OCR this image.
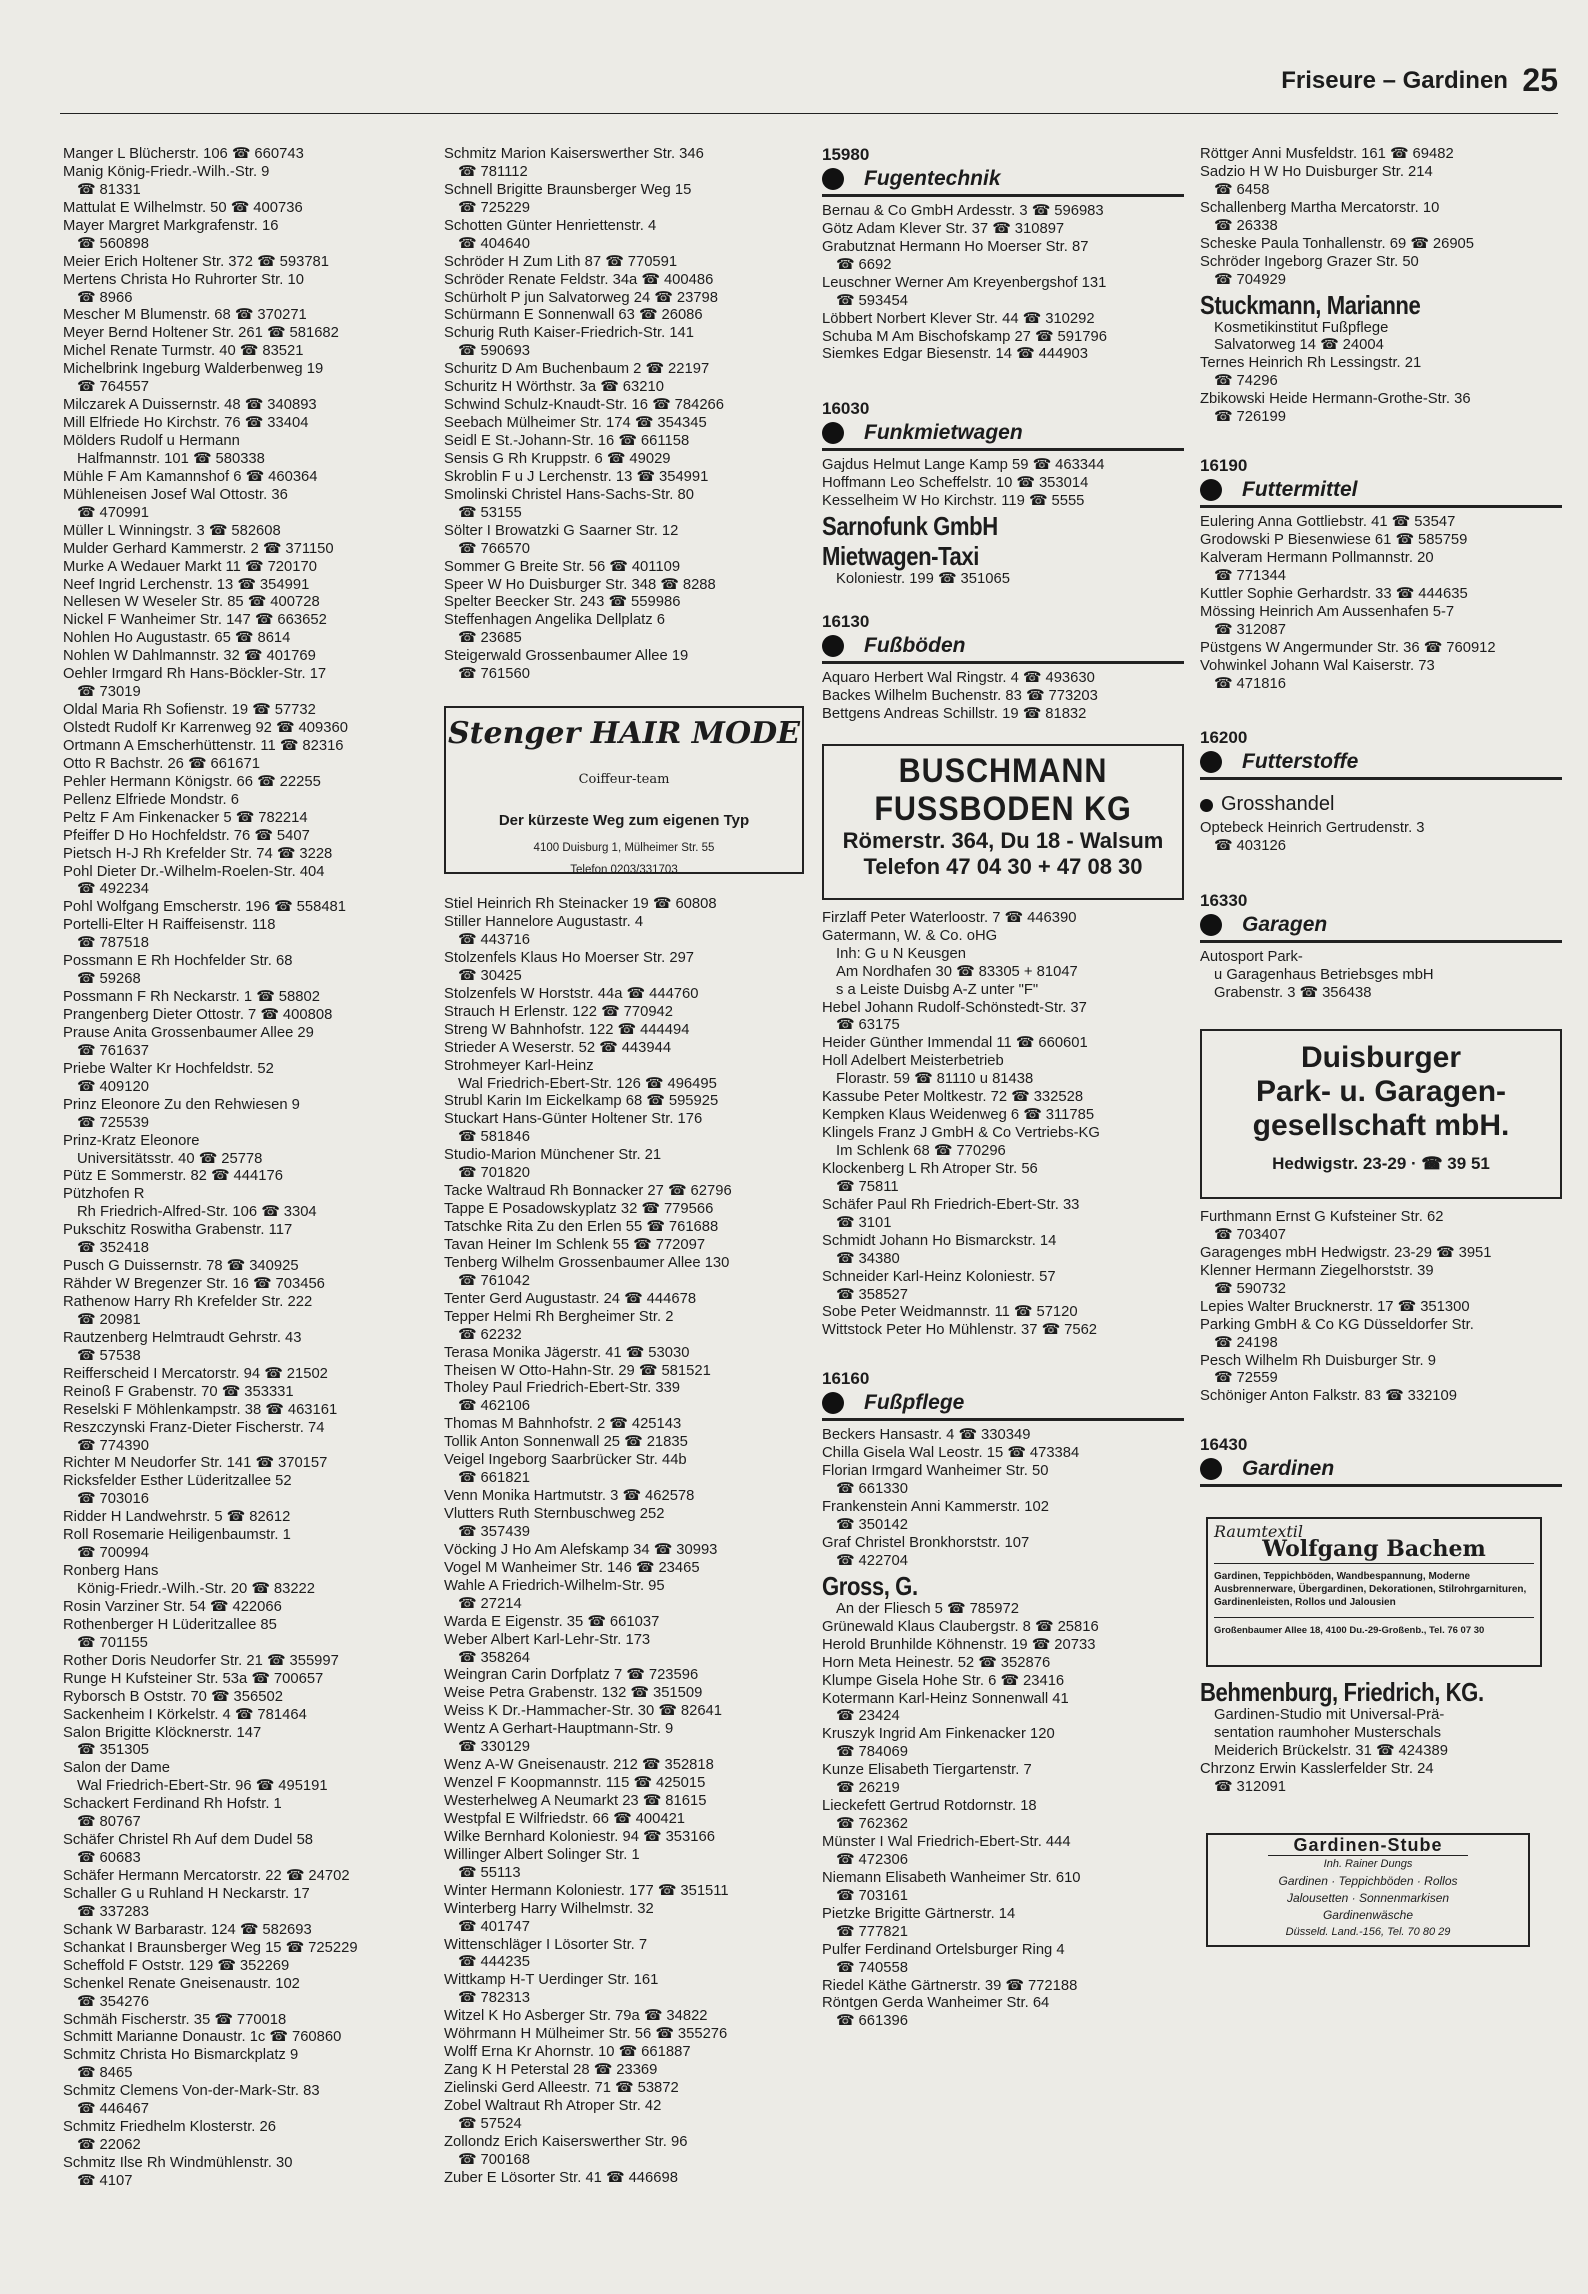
Friseure – Gardinen 25
Manger L Blücherstr. 106 ☎ 660743
Manig König-Friedr.-Wilh.-Str. 9
☎ 81331
Mattulat E Wilhelmstr. 50 ☎ 400736
Mayer Margret Markgrafenstr. 16
☎ 560898
Meier Erich Holtener Str. 372 ☎ 593781
Mertens Christa Ho Ruhrorter Str. 10
☎ 8966
Mescher M Blumenstr. 68 ☎ 370271
Meyer Bernd Holtener Str. 261 ☎ 581682
Michel Renate Turmstr. 40 ☎ 83521
Michelbrink Ingeburg Walderbenweg 19
☎ 764557
Milczarek A Duissernstr. 48 ☎ 340893
Mill Elfriede Ho Kirchstr. 76 ☎ 33404
Mölders Rudolf u Hermann
Halfmannstr. 101 ☎ 580338
Mühle F Am Kamannshof 6 ☎ 460364
Mühleneisen Josef Wal Ottostr. 36
☎ 470991
Müller L Winningstr. 3 ☎ 582608
Mulder Gerhard Kammerstr. 2 ☎ 371150
Murke A Wedauer Markt 11 ☎ 720170
Neef Ingrid Lerchenstr. 13 ☎ 354991
Nellesen W Weseler Str. 85 ☎ 400728
Nickel F Wanheimer Str. 147 ☎ 663652
Nohlen Ho Augustastr. 65 ☎ 8614
Nohlen W Dahlmannstr. 32 ☎ 401769
Oehler Irmgard Rh Hans-Böckler-Str. 17
☎ 73019
Oldal Maria Rh Sofienstr. 19 ☎ 57732
Olstedt Rudolf Kr Karrenweg 92 ☎ 409360
Ortmann A Emscherhüttenstr. 11 ☎ 82316
Otto R Bachstr. 26 ☎ 661671
Pehler Hermann Königstr. 66 ☎ 22255
Pellenz Elfriede Mondstr. 6
Peltz F Am Finkenacker 5 ☎ 782214
Pfeiffer D Ho Hochfeldstr. 76 ☎ 5407
Pietsch H-J Rh Krefelder Str. 74 ☎ 3228
Pohl Dieter Dr.-Wilhelm-Roelen-Str. 404
☎ 492234
Pohl Wolfgang Emscherstr. 196 ☎ 558481
Portelli-Elter H Raiffeisenstr. 118
☎ 787518
Possmann E Rh Hochfelder Str. 68
☎ 59268
Possmann F Rh Neckarstr. 1 ☎ 58802
Prangenberg Dieter Ottostr. 7 ☎ 400808
Prause Anita Grossenbaumer Allee 29
☎ 761637
Priebe Walter Kr Hochfeldstr. 52
☎ 409120
Prinz Eleonore Zu den Rehwiesen 9
☎ 725539
Prinz-Kratz Eleonore
Universitätsstr. 40 ☎ 25778
Pütz E Sommerstr. 82 ☎ 444176
Pützhofen R
Rh Friedrich-Alfred-Str. 106 ☎ 3304
Pukschitz Roswitha Grabenstr. 117
☎ 352418
Pusch G Duissernstr. 78 ☎ 340925
Rähder W Bregenzer Str. 16 ☎ 703456
Rathenow Harry Rh Krefelder Str. 222
☎ 20981
Rautzenberg Helmtraudt Gehrstr. 43
☎ 57538
Reifferscheid I Mercatorstr. 94 ☎ 21502
Reinoß F Grabenstr. 70 ☎ 353331
Reselski F Möhlenkampstr. 38 ☎ 463161
Reszczynski Franz-Dieter Fischerstr. 74
☎ 774390
Richter M Neudorfer Str. 141 ☎ 370157
Ricksfelder Esther Lüderitzallee 52
☎ 703016
Ridder H Landwehrstr. 5 ☎ 82612
Roll Rosemarie Heiligenbaumstr. 1
☎ 700994
Ronberg Hans
König-Friedr.-Wilh.-Str. 20 ☎ 83222
Rosin Varziner Str. 54 ☎ 422066
Rothenberger H Lüderitzallee 85
☎ 701155
Rother Doris Neudorfer Str. 21 ☎ 355997
Runge H Kufsteiner Str. 53a ☎ 700657
Ryborsch B Oststr. 70 ☎ 356502
Sackenheim I Körkelstr. 4 ☎ 781464
Salon Brigitte Klöcknerstr. 147
☎ 351305
Salon der Dame
Wal Friedrich-Ebert-Str. 96 ☎ 495191
Schackert Ferdinand Rh Hofstr. 1
☎ 80767
Schäfer Christel Rh Auf dem Dudel 58
☎ 60683
Schäfer Hermann Mercatorstr. 22 ☎ 24702
Schaller G u Ruhland H Neckarstr. 17
☎ 337283
Schank W Barbarastr. 124 ☎ 582693
Schankat I Braunsberger Weg 15 ☎ 725229
Scheffold F Oststr. 129 ☎ 352269
Schenkel Renate Gneisenaustr. 102
☎ 354276
Schmäh Fischerstr. 35 ☎ 770018
Schmitt Marianne Donaustr. 1c ☎ 760860
Schmitz Christa Ho Bismarckplatz 9
☎ 8465
Schmitz Clemens Von-der-Mark-Str. 83
☎ 446467
Schmitz Friedhelm Klosterstr. 26
☎ 22062
Schmitz Ilse Rh Windmühlenstr. 30
☎ 4107
Schmitz Marion Kaiserswerther Str. 346
☎ 781112
Schnell Brigitte Braunsberger Weg 15
☎ 725229
Schotten Günter Henriettenstr. 4
☎ 404640
Schröder H Zum Lith 87 ☎ 770591
Schröder Renate Feldstr. 34a ☎ 400486
Schürholt P jun Salvatorweg 24 ☎ 23798
Schürmann E Sonnenwall 63 ☎ 26086
Schurig Ruth Kaiser-Friedrich-Str. 141
☎ 590693
Schuritz D Am Buchenbaum 2 ☎ 22197
Schuritz H Wörthstr. 3a ☎ 63210
Schwind Schulz-Knaudt-Str. 16 ☎ 784266
Seebach Mülheimer Str. 174 ☎ 354345
Seidl E St.-Johann-Str. 16 ☎ 661158
Sensis G Rh Kruppstr. 6 ☎ 49029
Skroblin F u J Lerchenstr. 13 ☎ 354991
Smolinski Christel Hans-Sachs-Str. 80
☎ 53155
Sölter I Browatzki G Saarner Str. 12
☎ 766570
Sommer G Breite Str. 56 ☎ 401109
Speer W Ho Duisburger Str. 348 ☎ 8288
Spelter Beecker Str. 243 ☎ 559986
Steffenhagen Angelika Dellplatz 6
☎ 23685
Steigerwald Grossenbaumer Allee 19
☎ 761560
Stenger HAIR MODE Coiffeur-team
Der kürzeste Weg zum eigenen Typ
4100 Duisburg 1, Mülheimer Str. 55
Telefon 0203/331703
Stiel Heinrich Rh Steinacker 19 ☎ 60808
Stiller Hannelore Augustastr. 4
☎ 443716
Stolzenfels Klaus Ho Moerser Str. 297
☎ 30425
Stolzenfels W Horststr. 44a ☎ 444760
Strauch H Erlenstr. 122 ☎ 770942
Streng W Bahnhofstr. 122 ☎ 444494
Strieder A Weserstr. 52 ☎ 443944
Strohmeyer Karl-Heinz
Wal Friedrich-Ebert-Str. 126 ☎ 496495
Strubl Karin Im Eickelkamp 68 ☎ 595925
Stuckart Hans-Günter Holtener Str. 176
☎ 581846
Studio-Marion Münchener Str. 21
☎ 701820
Tacke Waltraud Rh Bonnacker 27 ☎ 62796
Tappe E Posadowskyplatz 32 ☎ 779566
Tatschke Rita Zu den Erlen 55 ☎ 761688
Tavan Heiner Im Schlenk 55 ☎ 772097
Tenberg Wilhelm Grossenbaumer Allee 130
☎ 761042
Tenter Gerd Augustastr. 24 ☎ 444678
Tepper Helmi Rh Bergheimer Str. 2
☎ 62232
Terasa Monika Jägerstr. 41 ☎ 53030
Theisen W Otto-Hahn-Str. 29 ☎ 581521
Tholey Paul Friedrich-Ebert-Str. 339
☎ 462106
Thomas M Bahnhofstr. 2 ☎ 425143
Tollik Anton Sonnenwall 25 ☎ 21835
Veigel Ingeborg Saarbrücker Str. 44b
☎ 661821
Venn Monika Hartmutstr. 3 ☎ 462578
Vlutters Ruth Sternbuschweg 252
☎ 357439
Vöcking J Ho Am Alefskamp 34 ☎ 30993
Vogel M Wanheimer Str. 146 ☎ 23465
Wahle A Friedrich-Wilhelm-Str. 95
☎ 27214
Warda E Eigenstr. 35 ☎ 661037
Weber Albert Karl-Lehr-Str. 173
☎ 358264
Weingran Carin Dorfplatz 7 ☎ 723596
Weise Petra Grabenstr. 132 ☎ 351509
Weiss K Dr.-Hammacher-Str. 30 ☎ 82641
Wentz A Gerhart-Hauptmann-Str. 9
☎ 330129
Wenz A-W Gneisenaustr. 212 ☎ 352818
Wenzel F Koopmannstr. 115 ☎ 425015
Westerhelweg A Neumarkt 23 ☎ 81615
Westpfal E Wilfriedstr. 66 ☎ 400421
Wilke Bernhard Koloniestr. 94 ☎ 353166
Willinger Albert Solinger Str. 1
☎ 55113
Winter Hermann Koloniestr. 177 ☎ 351511
Winterberg Harry Wilhelmstr. 32
☎ 401747
Wittenschläger I Lösorter Str. 7
☎ 444235
Wittkamp H-T Uerdinger Str. 161
☎ 782313
Witzel K Ho Asberger Str. 79a ☎ 34822
Wöhrmann H Mülheimer Str. 56 ☎ 355276
Wolff Erna Kr Ahornstr. 10 ☎ 661887
Zang K H Peterstal 28 ☎ 23369
Zielinski Gerd Alleestr. 71 ☎ 53872
Zobel Waltraut Rh Atroper Str. 42
☎ 57524
Zollondz Erich Kaiserswerther Str. 96
☎ 700168
Zuber E Lösorter Str. 41 ☎ 446698
15980
Fugentechnik
Bernau & Co GmbH Ardesstr. 3 ☎ 596983
Götz Adam Klever Str. 37 ☎ 310897
Grabutznat Hermann Ho Moerser Str. 87
☎ 6692
Leuschner Werner Am Kreyenbergshof 131
☎ 593454
Löbbert Norbert Klever Str. 44 ☎ 310292
Schuba M Am Bischofskamp 27 ☎ 591796
Siemkes Edgar Biesenstr. 14 ☎ 444903
16030
Funkmietwagen
Gajdus Helmut Lange Kamp 59 ☎ 463344
Hoffmann Leo Scheffelstr. 10 ☎ 353014
Kesselheim W Ho Kirchstr. 119 ☎ 5555
Sarnofunk GmbH
Mietwagen-Taxi
Koloniestr. 199 ☎ 351065
16130
Fußböden
Aquaro Herbert Wal Ringstr. 4 ☎ 493630
Backes Wilhelm Buchenstr. 83 ☎ 773203
Bettgens Andreas Schillstr. 19 ☎ 81832
BUSCHMANN
FUSSBODEN KG
Römerstr. 364, Du 18 - Walsum
Telefon 47 04 30 + 47 08 30
Firzlaff Peter Waterloostr. 7 ☎ 446390
Gatermann, W. & Co. oHG
Inh: G u N Keusgen
Am Nordhafen 30 ☎ 83305 + 81047
s a Leiste Duisbg A-Z unter "F"
Hebel Johann Rudolf-Schönstedt-Str. 37
☎ 63175
Heider Günther Immendal 11 ☎ 660601
Holl Adelbert Meisterbetrieb
Florastr. 59 ☎ 81110 u 81438
Kassube Peter Moltkestr. 72 ☎ 332528
Kempken Klaus Weidenweg 6 ☎ 311785
Klingels Franz J GmbH & Co Vertriebs-KG
Im Schlenk 68 ☎ 770296
Klockenberg L Rh Atroper Str. 56
☎ 75811
Schäfer Paul Rh Friedrich-Ebert-Str. 33
☎ 3101
Schmidt Johann Ho Bismarckstr. 14
☎ 34380
Schneider Karl-Heinz Koloniestr. 57
☎ 358527
Sobe Peter Weidmannstr. 11 ☎ 57120
Wittstock Peter Ho Mühlenstr. 37 ☎ 7562
16160
Fußpflege
Beckers Hansastr. 4 ☎ 330349
Chilla Gisela Wal Leostr. 15 ☎ 473384
Florian Irmgard Wanheimer Str. 50
☎ 661330
Frankenstein Anni Kammerstr. 102
☎ 350142
Graf Christel Bronkhorststr. 107
☎ 422704
Gross, G.
An der Fliesch 5 ☎ 785972
Grünewald Klaus Claubergstr. 8 ☎ 25816
Herold Brunhilde Köhnenstr. 19 ☎ 20733
Horn Meta Heinestr. 52 ☎ 352876
Klumpe Gisela Hohe Str. 6 ☎ 23416
Kotermann Karl-Heinz Sonnenwall 41
☎ 23424
Kruszyk Ingrid Am Finkenacker 120
☎ 784069
Kunze Elisabeth Tiergartenstr. 7
☎ 26219
Lieckefett Gertrud Rotdornstr. 18
☎ 762362
Münster I Wal Friedrich-Ebert-Str. 444
☎ 472306
Niemann Elisabeth Wanheimer Str. 610
☎ 703161
Pietzke Brigitte Gärtnerstr. 14
☎ 777821
Pulfer Ferdinand Ortelsburger Ring 4
☎ 740558
Riedel Käthe Gärtnerstr. 39 ☎ 772188
Röntgen Gerda Wanheimer Str. 64
☎ 661396
Röttger Anni Musfeldstr. 161 ☎ 69482
Sadzio H W Ho Duisburger Str. 214
☎ 6458
Schallenberg Martha Mercatorstr. 10
☎ 26338
Scheske Paula Tonhallenstr. 69 ☎ 26905
Schröder Ingeborg Grazer Str. 50
☎ 704929
Stuckmann, Marianne
Kosmetikinstitut Fußpflege
Salvatorweg 14 ☎ 24004
Ternes Heinrich Rh Lessingstr. 21
☎ 74296
Zbikowski Heide Hermann-Grothe-Str. 36
☎ 726199
16190
Futtermittel
Eulering Anna Gottliebstr. 41 ☎ 53547
Grodowski P Biesenwiese 61 ☎ 585759
Kalveram Hermann Pollmannstr. 20
☎ 771344
Kuttler Sophie Gerhardstr. 33 ☎ 444635
Mössing Heinrich Am Aussenhafen 5-7
☎ 312087
Püstgens W Angermunder Str. 36 ☎ 760912
Vohwinkel Johann Wal Kaiserstr. 73
☎ 471816
16200
Futterstoffe
Grosshandel
Optebeck Heinrich Gertrudenstr. 3
☎ 403126
16330
Garagen
Autosport Park-
u Garagenhaus Betriebsges mbH
Grabenstr. 3 ☎ 356438
Duisburger
Park- u. Garagen-
gesellschaft mbH.
Hedwigstr. 23-29 · ☎ 39 51
Furthmann Ernst G Kufsteiner Str. 62
☎ 703407
Garagenges mbH Hedwigstr. 23-29 ☎ 3951
Klenner Hermann Ziegelhorststr. 39
☎ 590732
Lepies Walter Brucknerstr. 17 ☎ 351300
Parking GmbH & Co KG Düsseldorfer Str.
☎ 24198
Pesch Wilhelm Rh Duisburger Str. 9
☎ 72559
Schöniger Anton Falkstr. 83 ☎ 332109
16430
Gardinen
Raumtextil
Wolfgang Bachem
Gardinen, Teppichböden, Wandbespannung, Moderne Ausbrennerware, Übergardinen, Dekorationen, Stilrohrgarnituren, Gardinenleisten, Rollos und Jalousien
Großenbaumer Allee 18, 4100 Du.-29-Großenb., Tel. 76 07 30
Behmenburg, Friedrich, KG.
Gardinen-Studio mit Universal-Prä-
sentation raumhoher Musterschals
Meiderich Brückelstr. 31 ☎ 424389
Chrzonz Erwin Kasslerfelder Str. 24
☎ 312091
Gardinen-Stube
Inh. Rainer Dungs
Gardinen · Teppichböden · Rollos
Jalousetten · Sonnenmarkisen
Gardinenwäsche
Düsseld. Land.-156, Tel. 70 80 29
